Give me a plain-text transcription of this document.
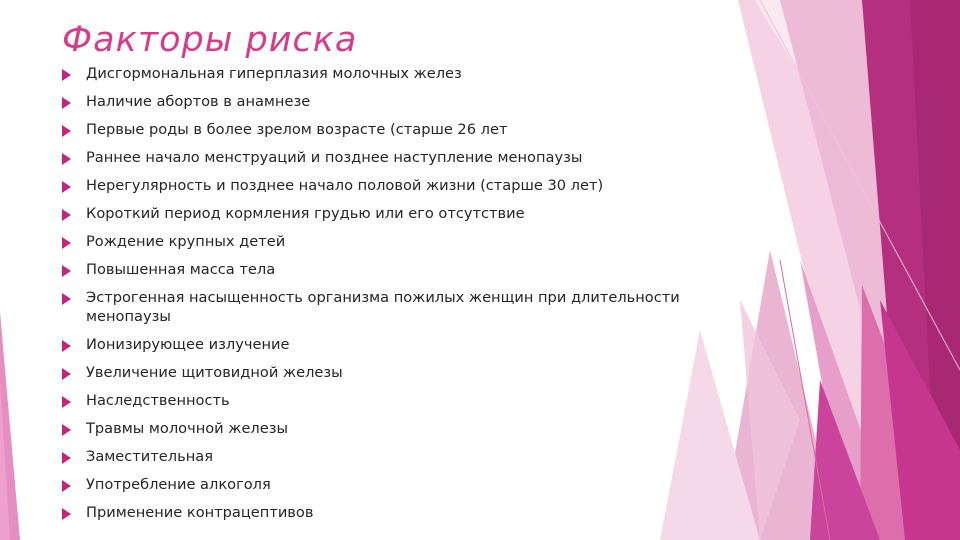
Факторы риска
Дисгормональная гиперплазия молочных желез
Наличие абортов в анамнезе
Первые роды в более зрелом возрасте (старше 26 лет
Раннее начало менструаций и позднее наступление менопаузы
Нерегулярность и позднее начало половой жизни (старше 30 лет)
Короткий период кормления грудью или его отсутствие
Рождение крупных детей
Повышенная масса тела
Эстрогенная насыщенность организма пожилых женщин при длительности менопаузы
Ионизирующее излучение
Увеличение щитовидной железы
Наследственность
Травмы молочной железы
Заместительная
Употребление алкоголя
Применение контрацептивов
